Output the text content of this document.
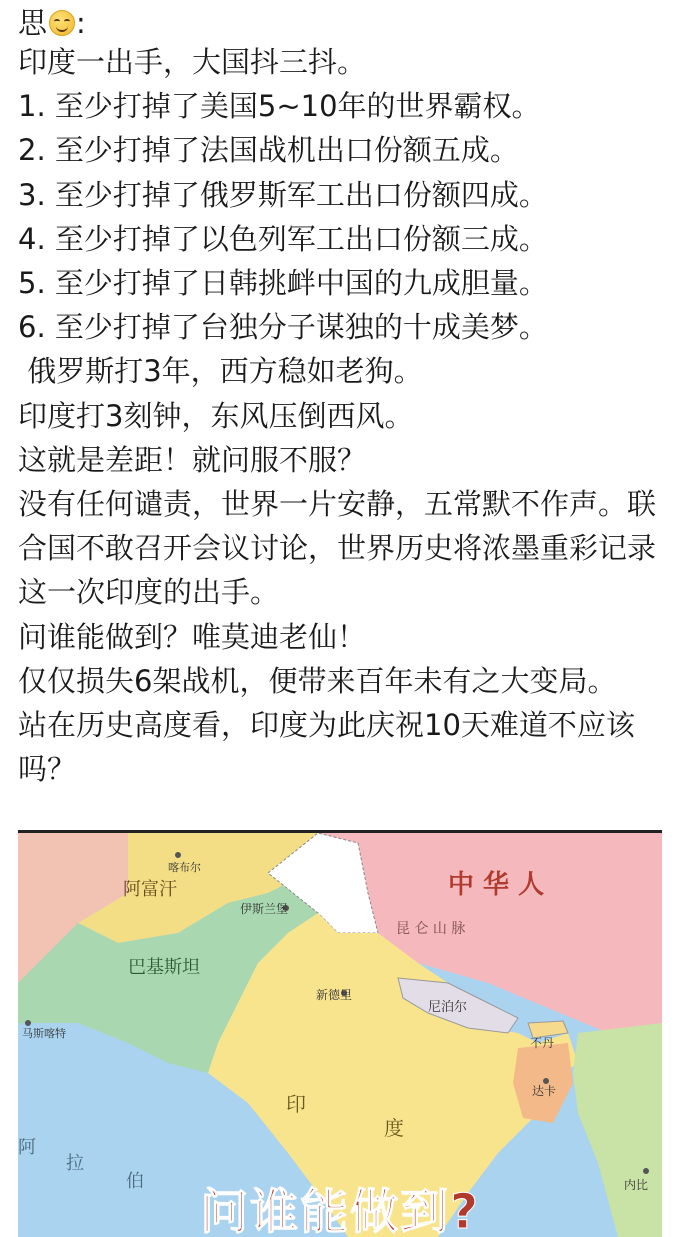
思 :
印度一出手，大国抖三抖。
1. 至少打掉了美国5~10年的世界霸权。
2. 至少打掉了法国战机出口份额五成。
3. 至少打掉了俄罗斯军工出口份额四成。
4. 至少打掉了以色列军工出口份额三成。
5. 至少打掉了日韩挑衅中国的九成胆量。
6. 至少打掉了台独分子谋独的十成美梦。
俄罗斯打3年，西方稳如老狗。
印度打3刻钟，东风压倒西风。
这就是差距！就问服不服？
没有任何谴责，世界一片安静，五常默不作声。联合国不敢召开会议讨论，世界历史将浓墨重彩记录这一次印度的出手。
问谁能做到？唯莫迪老仙！
仅仅损失6架战机，便带来百年未有之大变局。
站在历史高度看，印度为此庆祝10天难道不应该吗？
中 华 人
昆 仑 山 脉
阿富汗
喀布尔
伊斯兰堡
巴基斯坦
新德里
尼泊尔
不丹
达卡
印
度
马斯喀特
阿
拉
伯	内比
问谁能做到?
